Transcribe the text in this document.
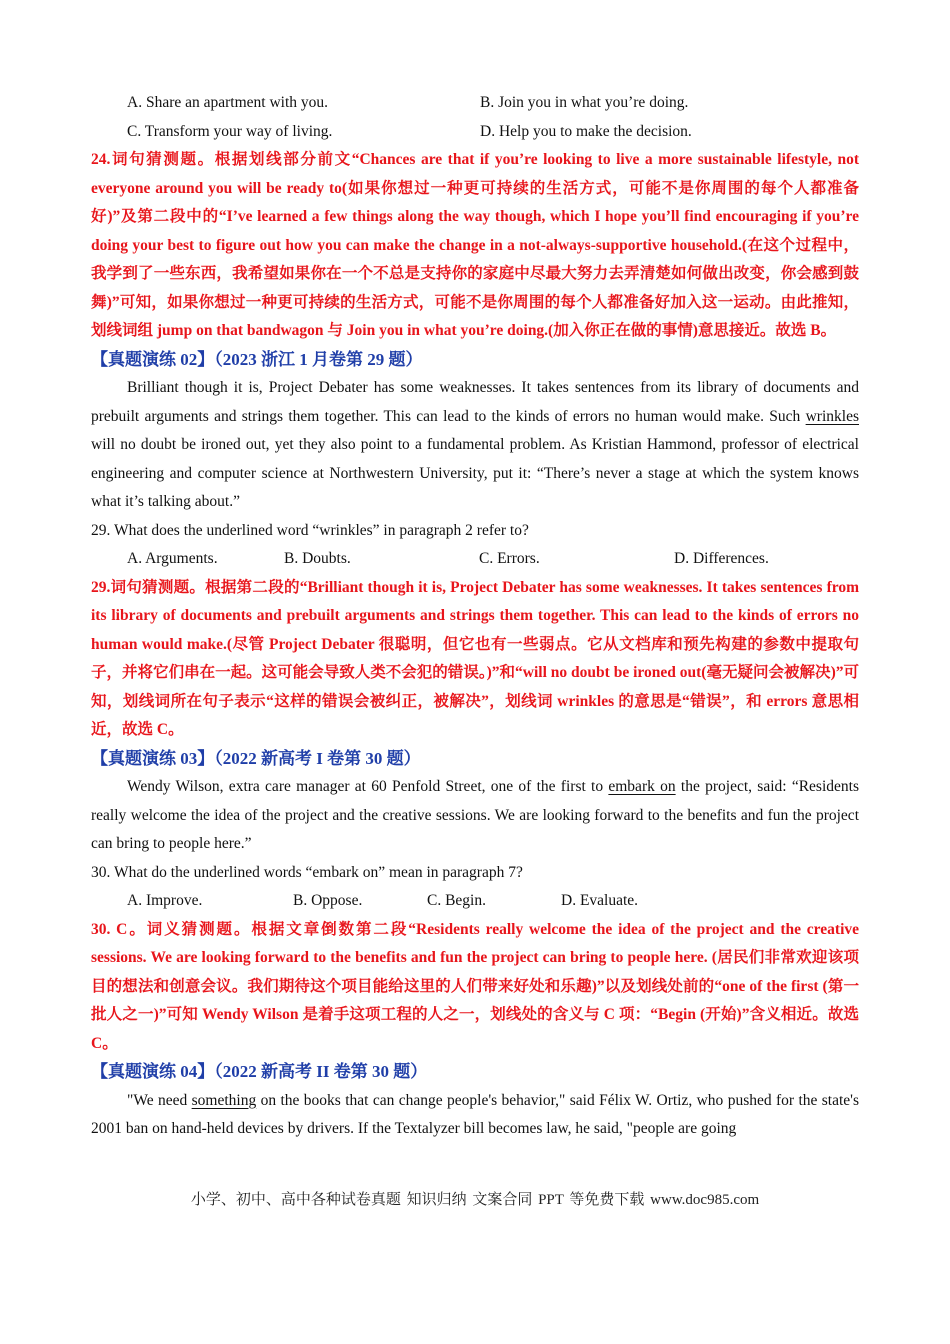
A. Share an apartment with you.	B. Join you in what you’re doing.
C. Transform your way of living.	D. Help you to make the decision.

24.词句猜测题。根据划线部分前文“Chances are that if you’re looking to live a more sustainable lifestyle, not everyone around you will be ready to(如果你想过一种更可持续的生活方式，可能不是你周围的每个人都准备好)”及第二段中的“I’ve learned a few things along the way though, which I hope you’ll find encouraging if you’re doing your best to figure out how you can make the change in a not-always-supportive household.(在这个过程中，我学到了一些东西，我希望如果你在一个不总是支持你的家庭中尽最大努力去弄清楚如何做出改变，你会感到鼓舞)”可知，如果你想过一种更可持续的生活方式，可能不是你周围的每个人都准备好加入这一运动。由此推知，划线词组 jump on that bandwagon 与 Join you in what you’re doing.(加入你正在做的事情)意思接近。故选 B。

【真题演练 02】（2023 浙江 1 月卷第 29 题）

Brilliant though it is, Project Debater has some weaknesses. It takes sentences from its library of documents and prebuilt arguments and strings them together. This can lead to the kinds of errors no human would make. Such wrinkles will no doubt be ironed out, yet they also point to a fundamental problem. As Kristian Hammond, professor of electrical engineering and computer science at Northwestern University, put it: “There’s never a stage at which the system knows what it’s talking about.”

29. What does the underlined word “wrinkles” in paragraph 2 refer to?

A. Arguments.	B. Doubts.	C. Errors.	D. Differences.

29.词句猜测题。根据第二段的“Brilliant though it is, Project Debater has some weaknesses. It takes sentences from its library of documents and prebuilt arguments and strings them together. This can lead to the kinds of errors no human would make.(尽管 Project Debater 很聪明，但它也有一些弱点。它从文档库和预先构建的参数中提取句子，并将它们串在一起。这可能会导致人类不会犯的错误。)”和“will no doubt be ironed out(毫无疑问会被解决)”可知，划线词所在句子表示“这样的错误会被纠正，被解决”，划线词 wrinkles 的意思是“错误”，和 errors 意思相近，故选 C。

【真题演练 03】（2022 新高考 I 卷第 30 题）

Wendy Wilson, extra care manager at 60 Penfold Street, one of the first to embark on the project, said: “Residents really welcome the idea of the project and the creative sessions. We are looking forward to the benefits and fun the project can bring to people here.”

30. What do the underlined words “embark on” mean in paragraph 7?

A. Improve.	B. Oppose.	C. Begin.	D. Evaluate.

30. C。词义猜测题。根据文章倒数第二段“Residents really welcome the idea of the project and the creative sessions. We are looking forward to the benefits and fun the project can bring to people here. (居民们非常欢迎该项目的想法和创意会议。我们期待这个项目能给这里的人们带来好处和乐趣)”以及划线处前的“one of the first (第一批人之一)”可知 Wendy Wilson 是着手这项工程的人之一，划线处的含义与 C 项：“Begin (开始)”含义相近。故选 C。

【真题演练 04】（2022 新高考 II 卷第 30 题）

"We need something on the books that can change people's behavior," said Félix W. Ortiz, who pushed for the state's 2001 ban on hand-held devices by drivers. If the Textalyzer bill becomes law, he said, "people are going

小学、初中、高中各种试卷真题 知识归纳 文案合同 PPT 等免费下载 www.doc985.com
